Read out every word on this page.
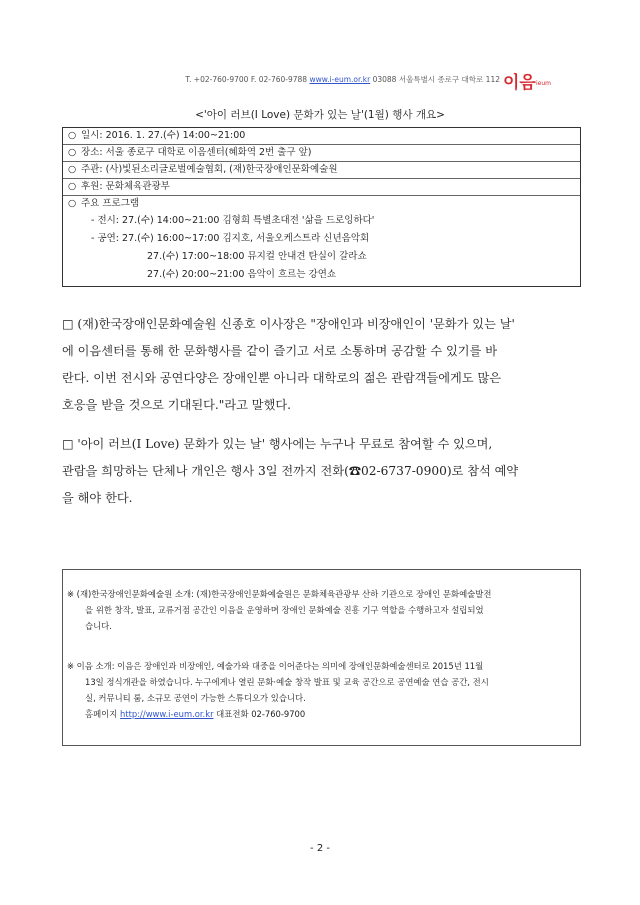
T. +02-760-9700 F. 02-760-9788 www.i-eum.or.kr 03088 서울특별시 종로구 대학로 112 이음 ieum
<'아이 러브(I Love) 문화가 있는 날'(1월) 행사 개요>
○ 일시: 2016. 1. 27.(수) 14:00~21:00
○ 장소: 서울 종로구 대학로 이음센터(혜화역 2번 출구 앞)
○ 주관: (사)빛된소리글로벌예술협회, (재)한국장애인문화예술원
○ 후원: 문화체육관광부
○ 주요 프로그램
- 전시: 27.(수) 14:00~21:00 김형희 특별초대전 '삶을 드로잉하다'
- 공연: 27.(수) 16:00~17:00 김지호, 서울오케스트라 신년음악회
27.(수) 17:00~18:00 뮤지컬 안내견 탄실이 갈라쇼
27.(수) 20:00~21:00 음악이 흐르는 강연쇼
□ (재)한국장애인문화예술원 신종호 이사장은 "장애인과 비장애인이 '문화가 있는 날'
에 이음센터를 통해 한 문화행사를 같이 즐기고 서로 소통하며 공감할 수 있기를 바
란다. 이번 전시와 공연다양은 장애인뿐 아니라 대학로의 젊은 관람객들에게도 많은
호응을 받을 것으로 기대된다."라고 말했다.
□ '아이 러브(I Love) 문화가 있는 날' 행사에는 누구나 무료로 참여할 수 있으며,
관람을 희망하는 단체나 개인은 행사 3일 전까지 전화(☎02-6737-0900)로 참석 예약
을 해야 한다.
※ (재)한국장애인문화예술원 소개: (재)한국장애인문화예술원은 문화체육관광부 산하 기관으로 장애인 문화예술발전
을 위한 창작, 발표, 교류거점 공간인 이음을 운영하며 장애인 문화예술 진흥 기구 역할을 수행하고자 설립되었
습니다.
※ 이음 소개: 이음은 장애인과 비장애인, 예술가와 대중을 이어준다는 의미에 장애인문화예술센터로 2015년 11월
13일 정식개관을 하였습니다. 누구에게나 열린 문화·예술 창작 발표 및 교육 공간으로 공연예술 연습 공간, 전시
실, 커뮤니티 룸, 소규모 공연이 가능한 스튜디오가 있습니다.
홈페이지 http://www.i-eum.or.kr 대표전화 02-760-9700
- 2 -
